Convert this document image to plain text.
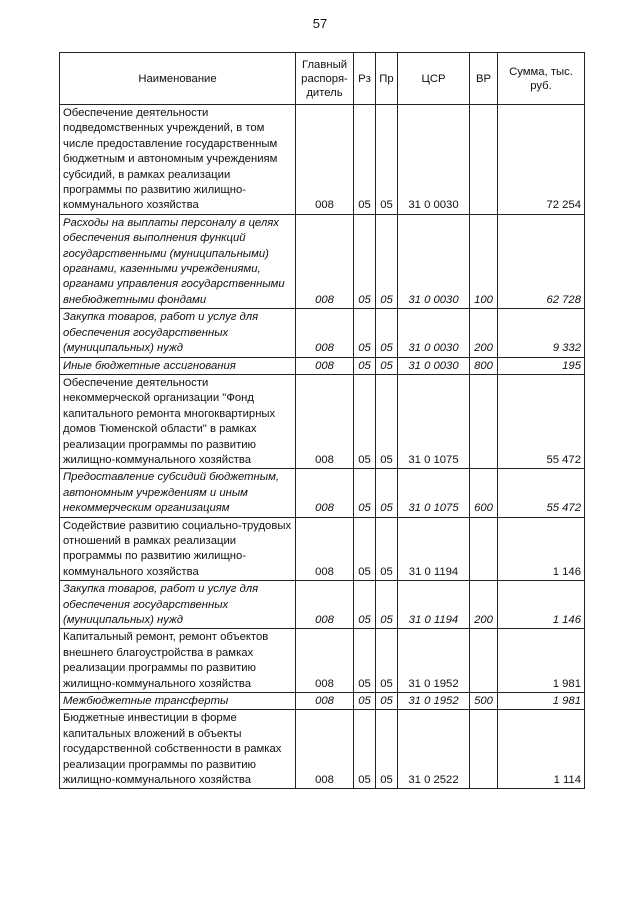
57
Наименование	Главный распоря-дитель	Рз	Пр	ЦСР	ВР	Сумма, тыс. руб.
Обеспечение деятельности подведомственных учреждений, в том числе предоставление государственным бюджетным и автономным учреждениям субсидий, в рамках реализации программы по развитию жилищно-коммунального хозяйства	008	05	05	31 0 0030		72 254
Расходы на выплаты персоналу в целях обеспечения выполнения функций государственными (муниципальными) органами, казенными учреждениями, органами управления государственными внебюджетными фондами	008	05	05	31 0 0030	100	62 728
Закупка товаров, работ и услуг для обеспечения государственных (муниципальных) нужд	008	05	05	31 0 0030	200	9 332
Иные бюджетные ассигнования	008	05	05	31 0 0030	800	195
Обеспечение деятельности некоммерческой организации "Фонд капитального ремонта многоквартирных домов Тюменской области" в рамках реализации программы по развитию жилищно-коммунального хозяйства	008	05	05	31 0 1075		55 472
Предоставление субсидий бюджетным, автономным учреждениям и иным некоммерческим организациям	008	05	05	31 0 1075	600	55 472
Содействие развитию социально-трудовых отношений в рамках реализации программы по развитию жилищно-коммунального хозяйства	008	05	05	31 0 1194		1 146
Закупка товаров, работ и услуг для обеспечения государственных (муниципальных) нужд	008	05	05	31 0 1194	200	1 146
Капитальный ремонт, ремонт объектов внешнего благоустройства в рамках реализации программы по развитию жилищно-коммунального хозяйства	008	05	05	31 0 1952		1 981
Межбюджетные трансферты	008	05	05	31 0 1952	500	1 981
Бюджетные инвестиции в форме капитальных вложений в объекты государственной собственности в рамках реализации программы по развитию жилищно-коммунального хозяйства	008	05	05	31 0 2522		1 114
